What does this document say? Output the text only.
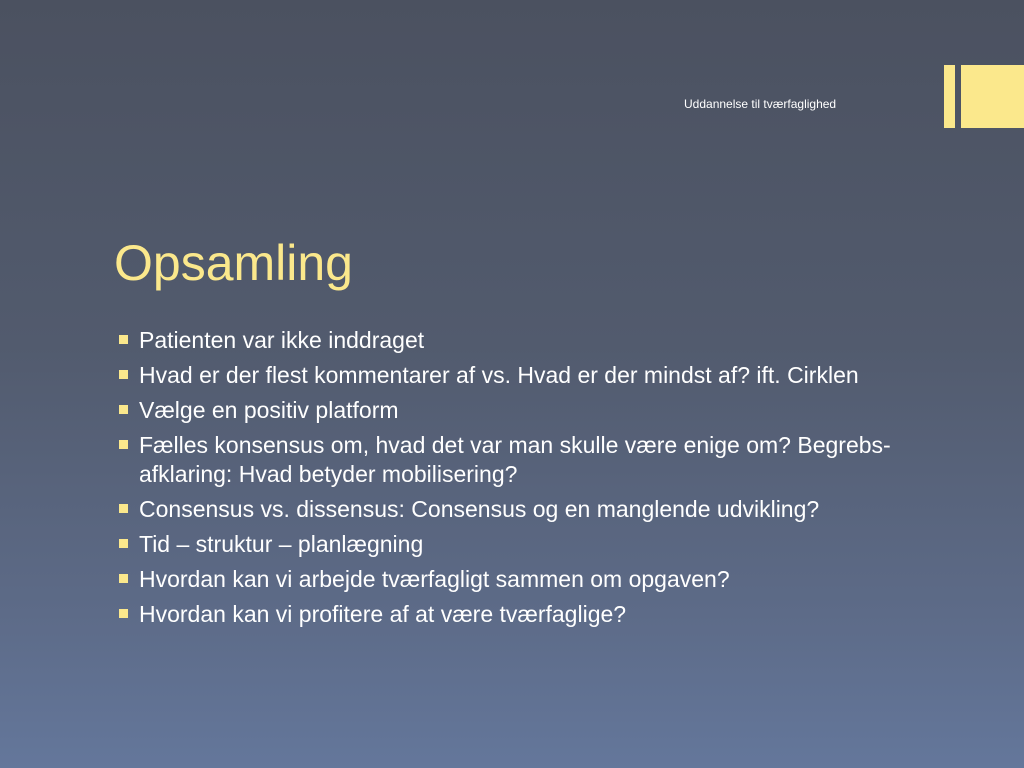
Uddannelse til tværfaglighed
Opsamling
Patienten var ikke inddraget
Hvad er der flest kommentarer af vs. Hvad er der mindst af? ift. Cirklen
Vælge en positiv platform
Fælles konsensus om, hvad det var man skulle være enige om? Begrebs-afklaring: Hvad betyder mobilisering?
Consensus vs. dissensus: Consensus og en manglende udvikling?
Tid – struktur – planlægning
Hvordan kan vi arbejde tværfagligt sammen om opgaven?
Hvordan kan vi profitere af at være tværfaglige?
